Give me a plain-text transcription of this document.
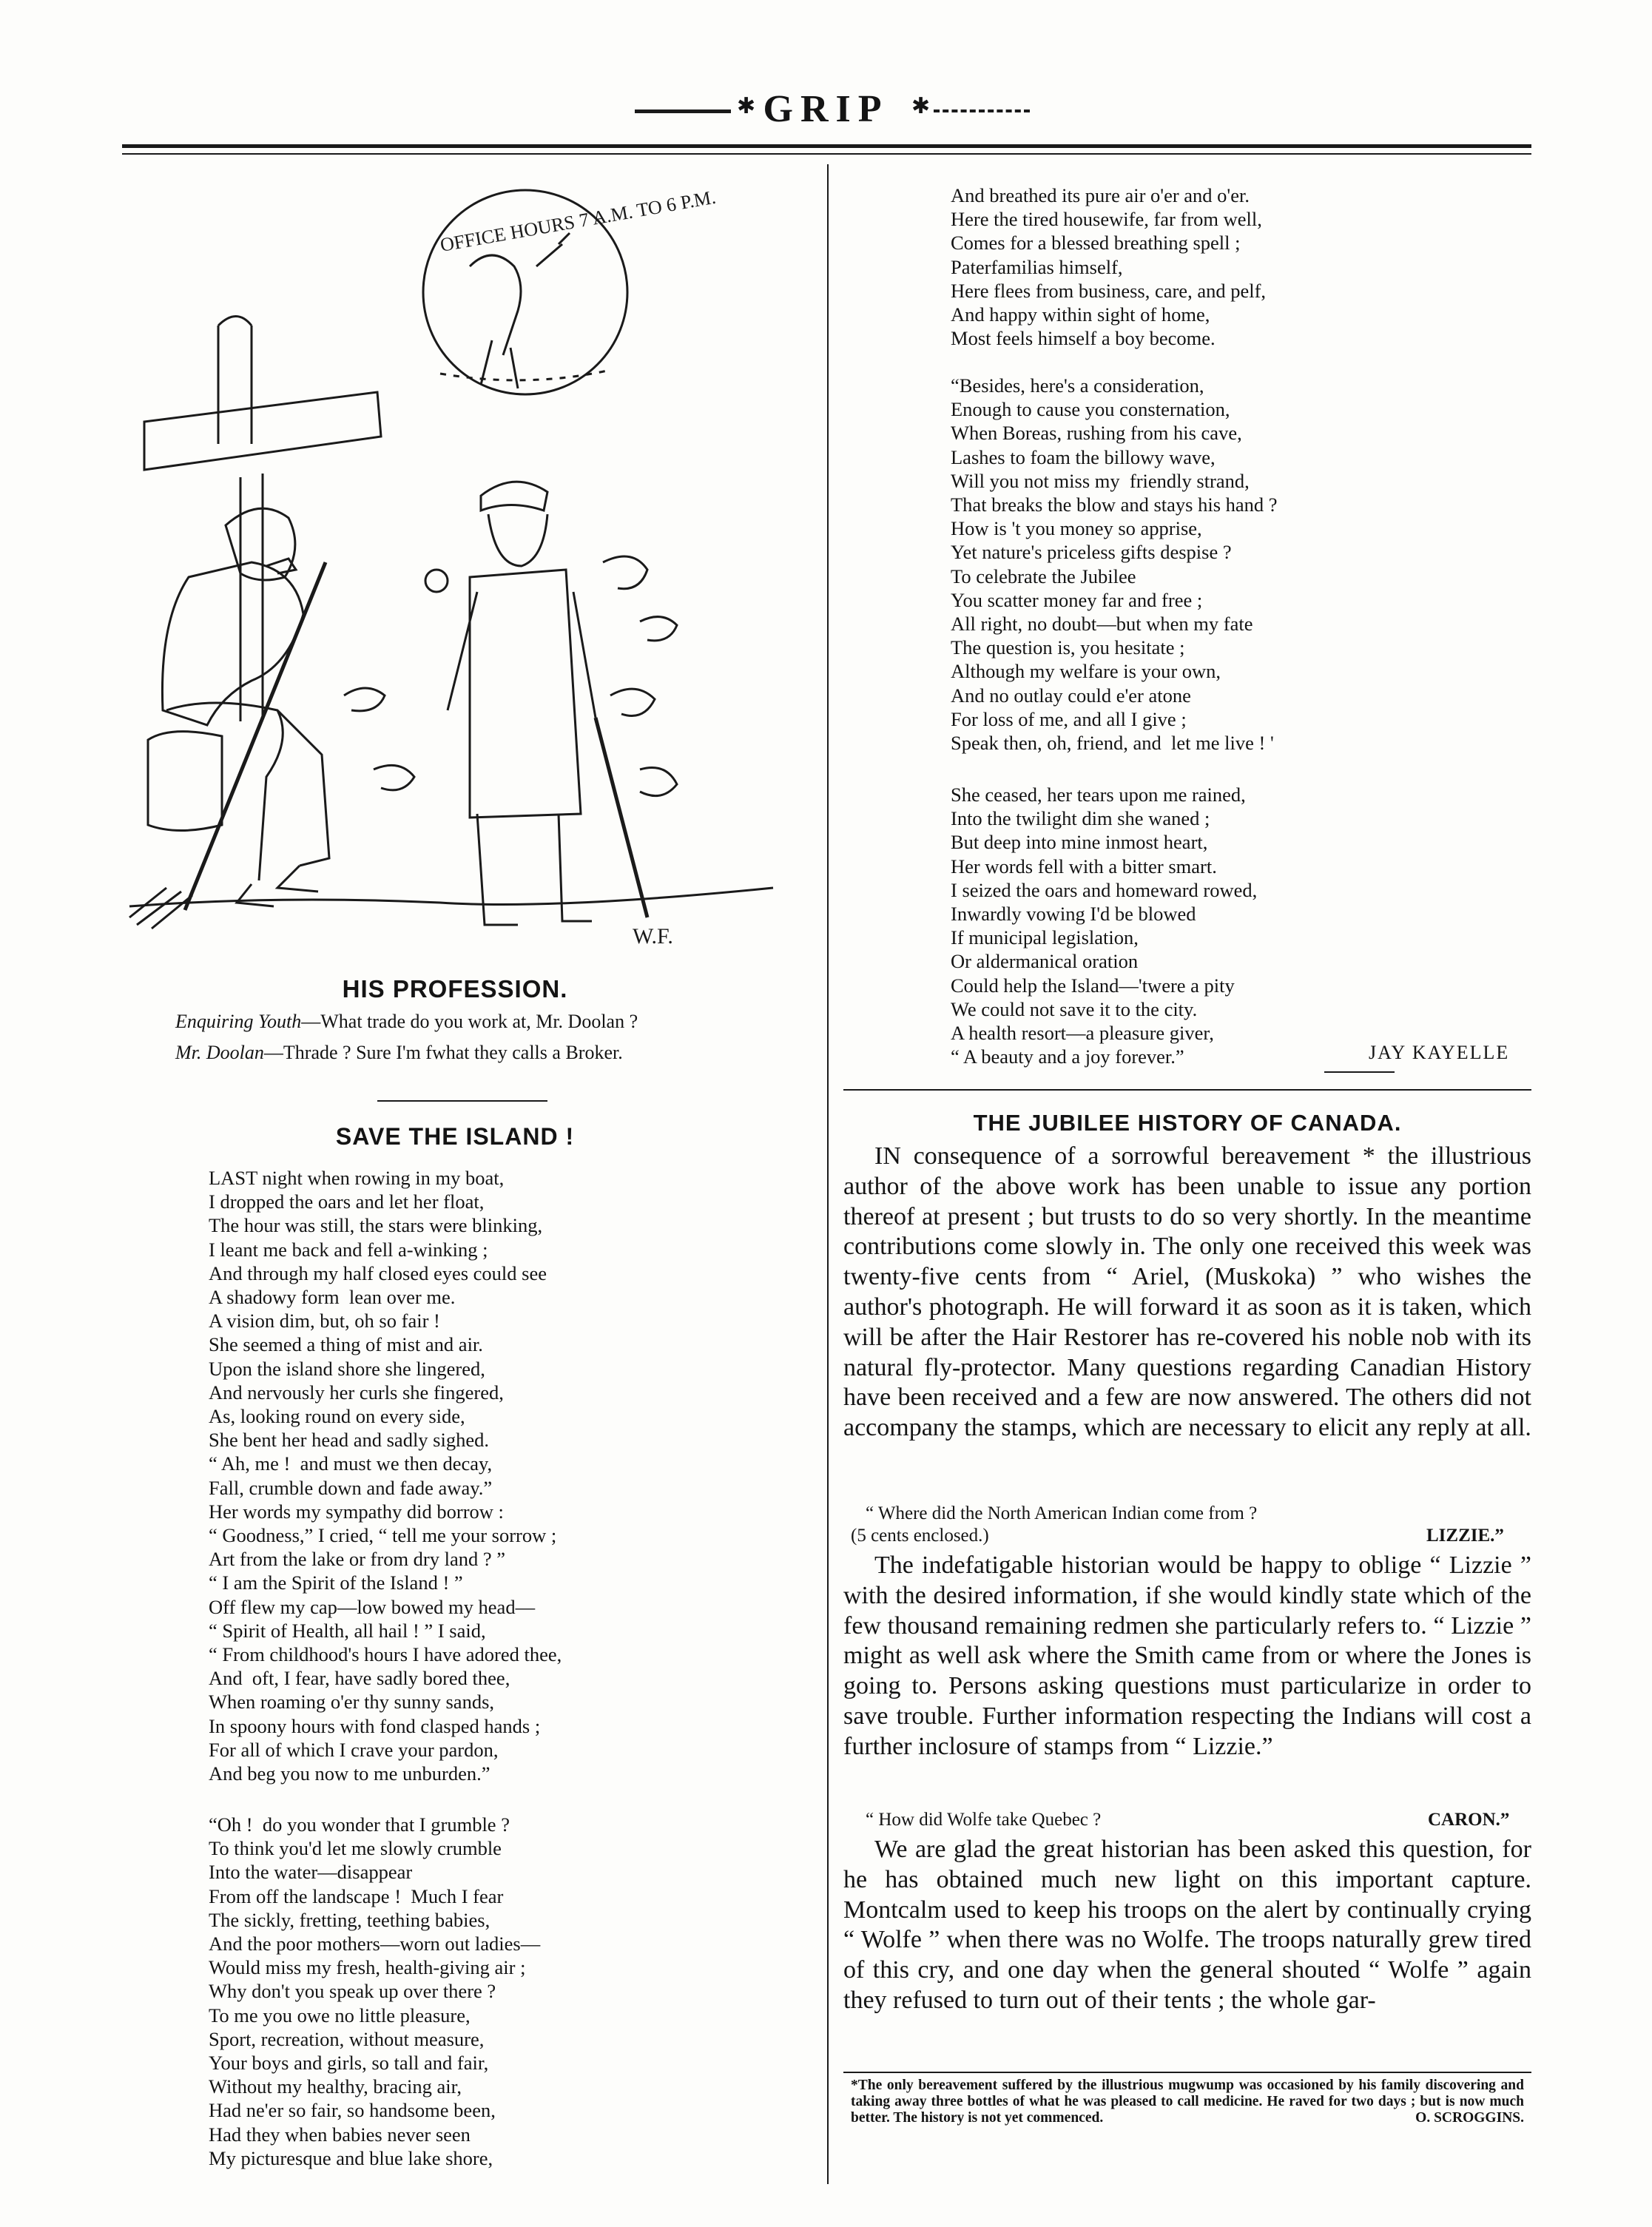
✱ GRIP	✱
OFFICE HOURS 7 A.M. TO 6 P.M.
W.F.
HIS PROFESSION.
Enquiring Youth—What trade do you work at, Mr. Doolan ?
Mr. Doolan—Thrade ? Sure I'm fwhat they calls a Broker.
SAVE THE ISLAND !
LAST night when rowing in my boat,
I dropped the oars and let her float,
The hour was still, the stars were blinking,
I leant me back and fell a-winking ;
And through my half closed eyes could see
A shadowy form  lean over me.
A vision dim, but, oh so fair !
She seemed a thing of mist and air.
Upon the island shore she lingered,
And nervously her curls she fingered,
As, looking round on every side,
She bent her head and sadly sighed.
“ Ah, me !  and must we then decay,
Fall, crumble down and fade away.”
Her words my sympathy did borrow :
“ Goodness,” I cried, “ tell me your sorrow ;
Art from the lake or from dry land ? ”
“ I am the Spirit of the Island ! ”
Off flew my cap—low bowed my head—
“ Spirit of Health, all hail ! ” I said,
“ From childhood's hours I have adored thee,
And  oft, I fear, have sadly bored thee,
When roaming o'er thy sunny sands,
In spoony hours with fond clasped hands ;
For all of which I crave your pardon,
And beg you now to me unburden.”
“Oh !  do you wonder that I grumble ?
To think you'd let me slowly crumble
Into the water—disappear
From off the landscape !  Much I fear
The sickly, fretting, teething babies,
And the poor mothers—worn out ladies—
Would miss my fresh, health-giving air ;
Why don't you speak up over there ?
To me you owe no little pleasure,
Sport, recreation, without measure,
Your boys and girls, so tall and fair,
Without my healthy, bracing air,
Had ne'er so fair, so handsome been,
Had they when babies never seen
My picturesque and blue lake shore,
And breathed its pure air o'er and o'er.
Here the tired housewife, far from well,
Comes for a blessed breathing spell ;
Paterfamilias himself,
Here flees from business, care, and pelf,
And happy within sight of home,
Most feels himself a boy become.
“Besides, here's a consideration,
Enough to cause you consternation,
When Boreas, rushing from his cave,
Lashes to foam the billowy wave,
Will you not miss my  friendly strand,
That breaks the blow and stays his hand ?
How is 't you money so apprise,
Yet nature's priceless gifts despise ?
To celebrate the Jubilee
You scatter money far and free ;
All right, no doubt—but when my fate
The question is, you hesitate ;
Although my welfare is your own,
And no outlay could e'er atone
For loss of me, and all I give ;
Speak then, oh, friend, and  let me live ! '
She ceased, her tears upon me rained,
Into the twilight dim she waned ;
But deep into mine inmost heart,
Her words fell with a bitter smart.
I seized the oars and homeward rowed,
Inwardly vowing I'd be blowed
If municipal legislation,
Or aldermanical oration
Could help the Island—'twere a pity
We could not save it to the city.
A health resort—a pleasure giver,
“ A beauty and a joy forever.”	JAY KAYELLE
THE JUBILEE HISTORY OF CANADA.

IN consequence of a sorrowful bereavement * the illustrious author of the above work has been unable to issue any portion thereof at present ; but trusts to do so very shortly. In the meantime contributions come slowly in. The only one received this week was twenty-five cents from “ Ariel, (Muskoka) ” who wishes the author's photograph. He will forward it as soon as it is taken, which will be after the Hair Restorer has re-covered his noble nob with its natural fly-protector. Many questions regarding Canadian History have been received and a few are now answered. The others did not accompany the stamps, which are necessary to elicit any reply at all.

“ Where did the North American Indian come from ?
(5 cents enclosed.)	LIZZIE.”

The indefatigable historian would be happy to oblige “ Lizzie ” with the desired information, if she would kindly state which of the few thousand remaining redmen she particularly refers to. “ Lizzie ” might as well ask where the Smith came from or where the Jones is going to. Persons asking questions must particularize in order to save trouble. Further information respecting the Indians will cost a further inclosure of stamps from “ Lizzie.”

“ How did Wolfe take Quebec ?	CARON.”

We are glad the great historian has been asked this question, for he has obtained much new light on this important capture. Montcalm used to keep his troops on the alert by continually crying “ Wolfe ” when there was no Wolfe. The troops naturally grew tired of this cry, and one day when the general shouted “ Wolfe ” again they refused to turn out of their tents ; the whole gar-

*The only bereavement suffered by the illustrious mugwump was occasioned by his family discovering and taking away three bottles of what he was pleased to call medicine. He raved for two days ; but is now much better. The history is not yet commenced.	O. SCROGGINS.
